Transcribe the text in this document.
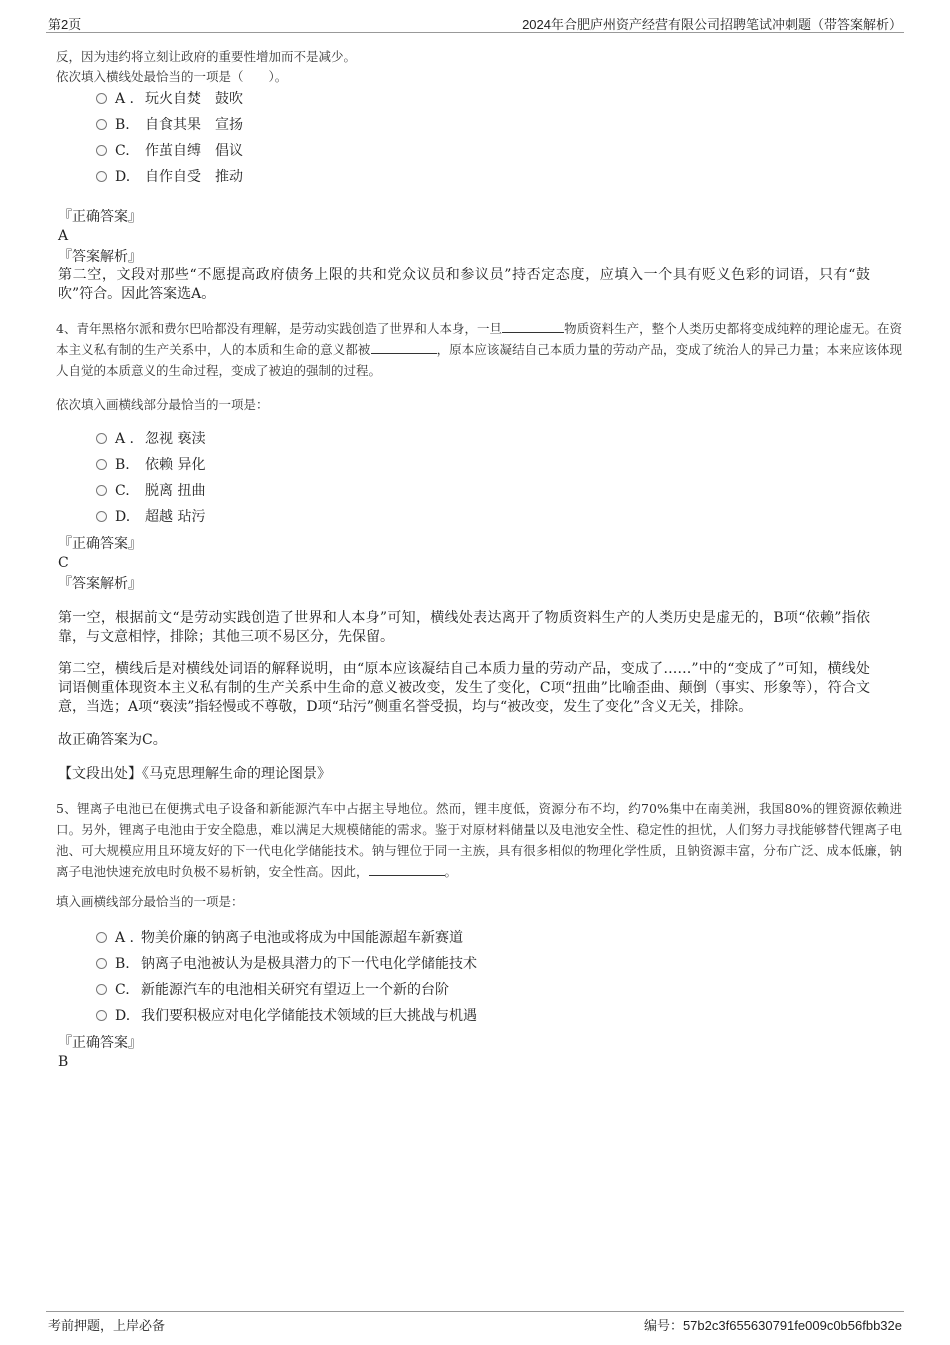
第2页	2024年合肥庐州资产经营有限公司招聘笔试冲刺题（带答案解析）
反，因为违约将立刻让政府的重要性增加而不是减少。
依次填入横线处最恰当的一项是（　　）。
A . 玩火自焚　鼓吹
B. 自食其果　宣扬
C. 作茧自缚　倡议
D. 自作自受　推动
『正确答案』
A
『答案解析』
第二空，文段对那些“不愿提高政府债务上限的共和党众议员和参议员”持否定态度，应填入一个具有贬义色彩的词语，只有“鼓吹”符合。因此答案选A。
4、青年黑格尔派和费尔巴哈都没有理解，是劳动实践创造了世界和人本身，一旦	物质资料生产，整个人类历史都将变成纯粹的理论虚无。在资本主义私有制的生产关系中，人的本质和生命的意义都被	，原本应该凝结自己本质力量的劳动产品，变成了统治人的异己力量；本来应该体现人自觉的本质意义的生命过程，变成了被迫的强制的过程。
依次填入画横线部分最恰当的一项是：
A . 忽视 亵渎
B. 依赖 异化
C. 脱离 扭曲
D. 超越 玷污
『正确答案』
C
『答案解析』
第一空，根据前文“是劳动实践创造了世界和人本身”可知，横线处表达离开了物质资料生产的人类历史是虚无的，B项“依赖”指依靠，与文意相悖，排除；其他三项不易区分，先保留。
第二空，横线后是对横线处词语的解释说明，由“原本应该凝结自己本质力量的劳动产品，变成了……”中的“变成了”可知，横线处词语侧重体现资本主义私有制的生产关系中生命的意义被改变，发生了变化，C项“扭曲”比喻歪曲、颠倒（事实、形象等），符合文意，当选；A项“亵渎”指轻慢或不尊敬，D项“玷污”侧重名誉受损，均与“被改变，发生了变化”含义无关，排除。
故正确答案为C。
【文段出处】《马克思理解生命的理论图景》
5、锂离子电池已在便携式电子设备和新能源汽车中占据主导地位。然而，锂丰度低，资源分布不均，约70%集中在南美洲，我国80%的锂资源依赖进口。另外，锂离子电池由于安全隐患，难以满足大规模储能的需求。鉴于对原材料储量以及电池安全性、稳定性的担忧，人们努力寻找能够替代锂离子电池、可大规模应用且环境友好的下一代电化学储能技术。钠与锂位于同一主族，具有很多相似的物理化学性质，且钠资源丰富，分布广泛、成本低廉，钠离子电池快速充放电时负极不易析钠，安全性高。因此，	。
填入画横线部分最恰当的一项是：
A . 物美价廉的钠离子电池或将成为中国能源超车新赛道
B. 钠离子电池被认为是极具潜力的下一代电化学储能技术
C. 新能源汽车的电池相关研究有望迈上一个新的台阶
D. 我们要积极应对电化学储能技术领域的巨大挑战与机遇
『正确答案』
B
考前押题，上岸必备	编号：57b2c3f655630791fe009c0b56fbb32e
